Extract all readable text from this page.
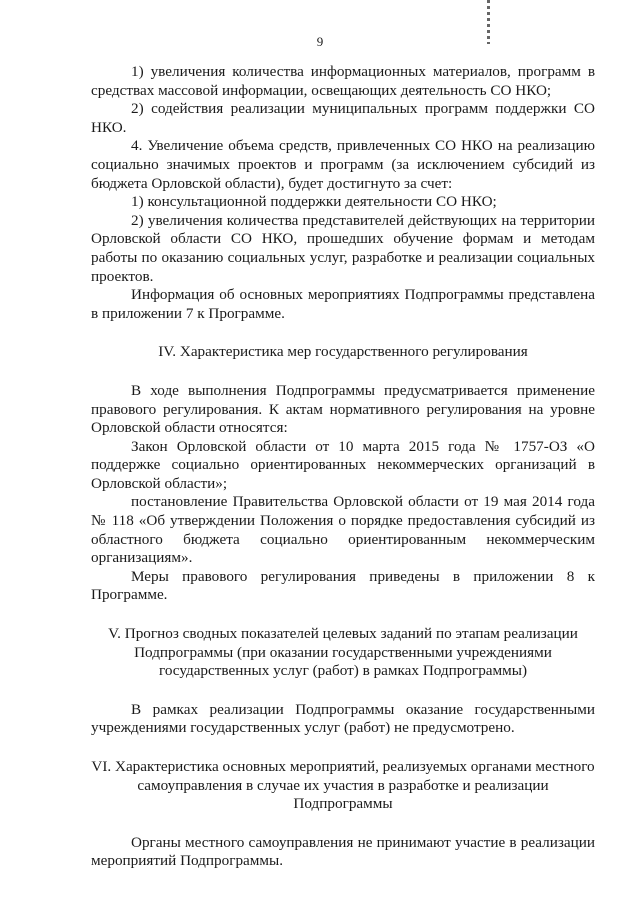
9

1) увеличения количества информационных материалов, программ в средствах массовой информации, освещающих деятельность СО НКО;

2) содействия реализации муниципальных программ поддержки СО НКО.

4. Увеличение объема средств, привлеченных СО НКО на реализацию социально значимых проектов и программ (за исключением субсидий из бюджета Орловской области), будет достигнуто за счет:

1) консультационной поддержки деятельности СО НКО;

2) увеличения количества представителей действующих на территории Орловской области СО НКО, прошедших обучение формам и методам работы по оказанию социальных услуг, разработке и реализации социальных проектов.

Информация об основных мероприятиях Подпрограммы представлена в приложении 7 к Программе.

IV. Характеристика мер государственного регулирования

В ходе выполнения Подпрограммы предусматривается применение правового регулирования. К актам нормативного регулирования на уровне Орловской области относятся:

Закон Орловской области от 10 марта 2015 года № 1757-ОЗ «О поддержке социально ориентированных некоммерческих организаций в Орловской области»;

постановление Правительства Орловской области от 19 мая 2014 года № 118 «Об утверждении Положения о порядке предоставления субсидий из областного бюджета социально ориентированным некоммерческим организациям».

Меры правового регулирования приведены в приложении 8 к Программе.

V. Прогноз сводных показателей целевых заданий по этапам реализации Подпрограммы (при оказании государственными учреждениями государственных услуг (работ) в рамках Подпрограммы)

В рамках реализации Подпрограммы оказание государственными учреждениями государственных услуг (работ) не предусмотрено.

VI. Характеристика основных мероприятий, реализуемых органами местного самоуправления в случае их участия в разработке и реализации Подпрограммы

Органы местного самоуправления не принимают участие в реализации мероприятий Подпрограммы.
